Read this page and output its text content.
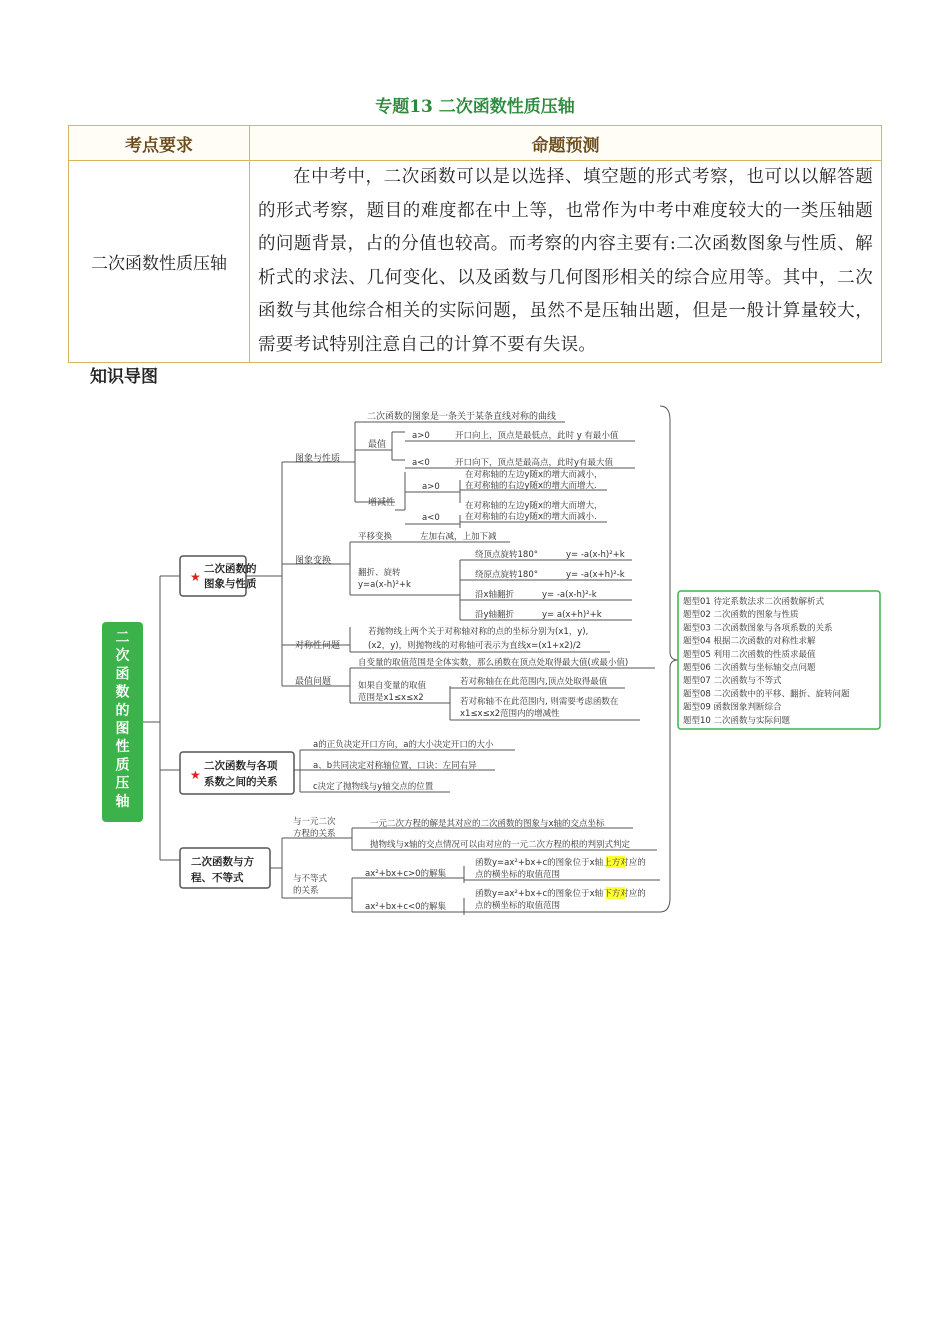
专题13 二次函数性质压轴
考点要求	命题预测
二次函数性质压轴	在中考中，二次函数可以是以选择、填空题的形式考察，也可以以解答题的形式考察，题目的难度都在中上等，也常作为中考中难度较大的一类压轴题的问题背景，占的分值也较高。而考察的内容主要有:二次函数图象与性质、解析式的求法、几何变化、以及函数与几何图形相关的综合应用等。其中，二次函数与其他综合相关的实际问题，虽然不是压轴出题，但是一般计算量较大，需要考试特别注意自己的计算不要有失误。
知识导图
二次函数的图性质压轴
二次函数的
图象与性质
★
二次函数与各项
系数之间的关系
★
二次函数与方
程、不等式
图象与性质
二次函数的图象是一条关于某条直线对称的曲线
最值
a>0	开口向上，顶点是最低点，此时 y 有最小值
a<0	开口向下，顶点是最高点，此时y有最大值
增减性
a>0
在对称轴的左边y随x的增大而减小，
在对称轴的右边y随x的增大而增大.
a<0
在对称轴的左边y随x的增大而增大，
在对称轴的右边y随x的增大而减小.
图象变换
平移变换	左加右减，上加下减
翻折、旋转
y=a(x-h)²+k
绕顶点旋转180°	y= -a(x-h)²+k
绕原点旋转180°	y= -a(x+h)²-k
沿x轴翻折	y= -a(x-h)²-k
沿y轴翻折	y= a(x+h)²+k
对称性问题
若抛物线上两个关于对称轴对称的点的坐标分别为(x1，y),
(x2，y)，则抛物线的对称轴可表示为直线x=(x1+x2)/2
最值问题
自变量的取值范围是全体实数，那么函数在顶点处取得最大值(或最小值)
如果自变量的取值
范围是x1≤x≤x2
若对称轴在在此范围内,顶点处取得最值
若对称轴不在此范围内, 则需要考虑函数在
x1≤x≤x2范围内的增减性
a的正负决定开口方向，a的大小决定开口的大小
a、b共同决定对称轴位置，口诀：左同右异
c决定了抛物线与y轴交点的位置
与一元二次
方程的关系
一元二次方程的解是其对应的二次函数的图象与x轴的交点坐标
抛物线与x轴的交点情况可以由对应的一元二次方程的根的判别式判定
与不等式
的关系
ax²+bx+c>0的解集
ax²+bx+c<0的解集
函数y=ax²+bx+c的图象位于x轴上方对应的
点的横坐标的取值范围
函数y=ax²+bx+c的图象位于x轴下方对应的
点的横坐标的取值范围
题型01 待定系数法求二次函数解析式
题型02 二次函数的图象与性质
题型03 二次函数图象与各项系数的关系
题型04 根据二次函数的对称性求解
题型05 利用二次函数的性质求最值
题型06 二次函数与坐标轴交点问题
题型07 二次函数与不等式
题型08 二次函数中的平移、翻折、旋转问题
题型09 函数图象判断综合
题型10 二次函数与实际问题
